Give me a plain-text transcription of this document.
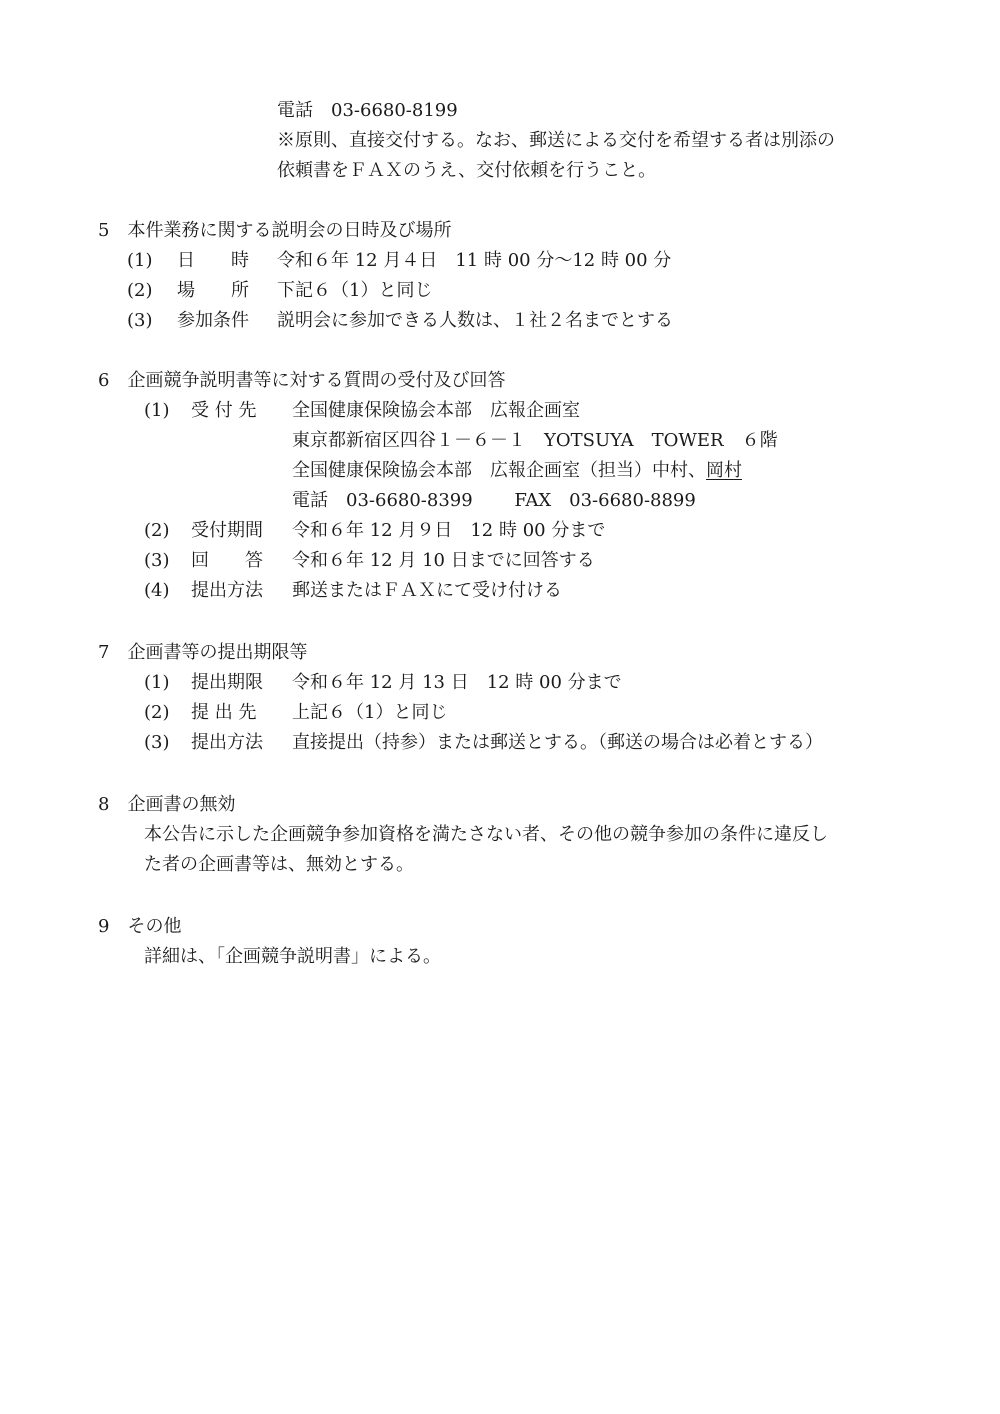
電話　03-6680-8199
※原則、直接交付する。なお、郵送による交付を希望する者は別添の
依頼書をＦＡＸのうえ、交付依頼を行うこと。
5　本件業務に関する説明会の日時及び場所
(1) 日　　時 令和６年 12 月４日　11 時 00 分～12 時 00 分
(2) 場　　所 下記６（1）と同じ
(3) 参加条件 説明会に参加できる人数は、１社２名までとする
6　企画競争説明書等に対する質問の受付及び回答
(1) 受 付 先 全国健康保険協会本部　広報企画室
東京都新宿区四谷１－６－１　YOTSUYA　TOWER　６階
全国健康保険協会本部　広報企画室（担当）中村、岡村
電話　03-6680-8399　　 FAX　03-6680-8899
(2) 受付期間 令和６年 12 月９日　12 時 00 分まで
(3) 回　　答 令和６年 12 月 10 日までに回答する
(4) 提出方法 郵送またはＦＡＸにて受け付ける
7　企画書等の提出期限等
(1) 提出期限 令和６年 12 月 13 日　12 時 00 分まで
(2) 提 出 先 上記６（1）と同じ
(3) 提出方法 直接提出（持参）または郵送とする。（郵送の場合は必着とする）
8　企画書の無効
本公告に示した企画競争参加資格を満たさない者、その他の競争参加の条件に違反し
た者の企画書等は、無効とする。
9　その他
詳細は、「企画競争説明書」による。
